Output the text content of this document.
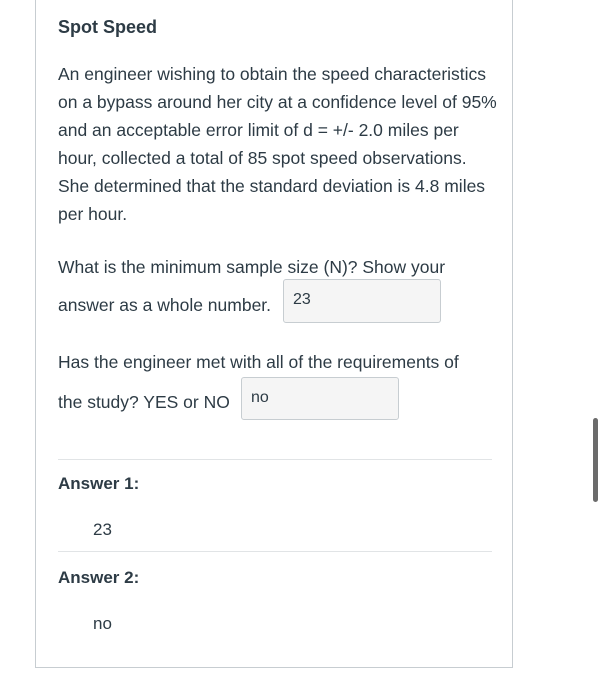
Spot Speed
An engineer wishing to obtain the speed characteristics on a bypass around her city at a confidence level of 95% and an acceptable error limit of d = +/- 2.0 miles per hour, collected a total of 85 spot speed observations. She determined that the standard deviation is 4.8 miles per hour.
What is the minimum sample size (N)? Show your
answer as a whole number.	23
Has the engineer met with all of the requirements of
the study? YES or NO	no
Answer 1:
23
Answer 2:
no
